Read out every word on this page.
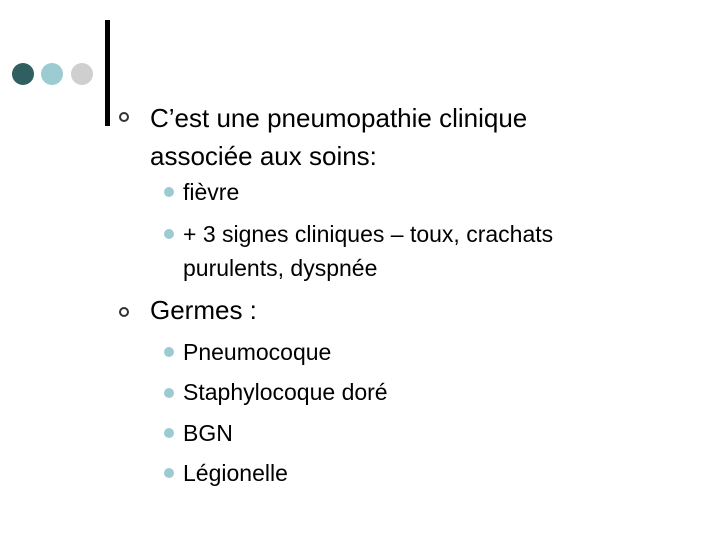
C’est une pneumopathie clinique
associée aux soins:
fièvre
+ 3 signes cliniques – toux, crachats
purulents, dyspnée
Germes :
Pneumocoque
Staphylocoque doré
BGN
Légionelle
